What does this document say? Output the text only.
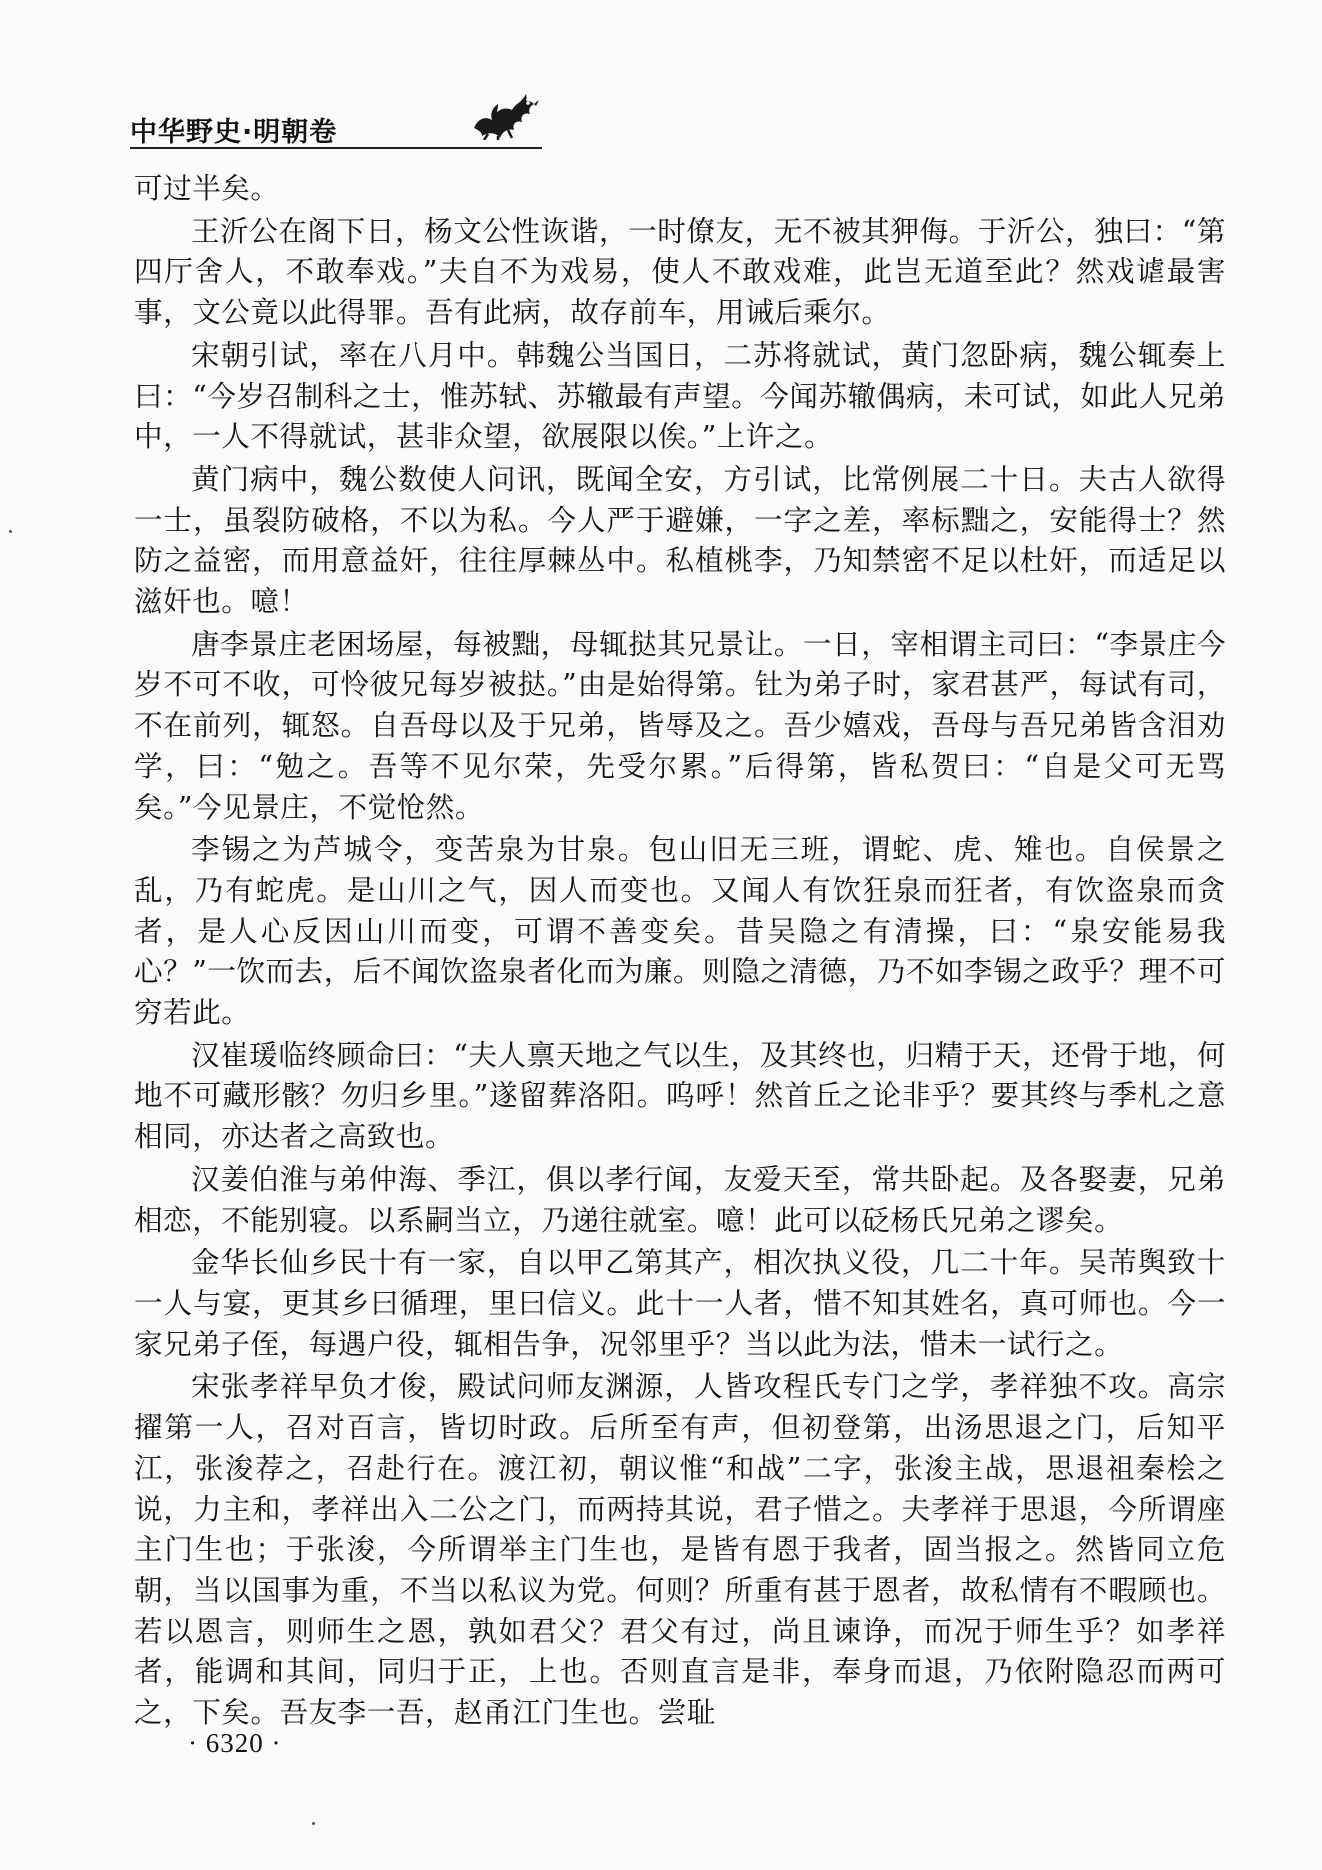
中华野史·明朝卷

可过半矣。

王沂公在阁下日，杨文公性诙谐，一时僚友，无不被其狎侮。于沂公，独曰：“第四厅舍人，不敢奉戏。”夫自不为戏易，使人不敢戏难，此岂无道至此？然戏谑最害事，文公竟以此得罪。吾有此病，故存前车，用诫后乘尔。

宋朝引试，率在八月中。韩魏公当国日，二苏将就试，黄门忽卧病，魏公辄奏上曰：“今岁召制科之士，惟苏轼、苏辙最有声望。今闻苏辙偶病，未可试，如此人兄弟中，一人不得就试，甚非众望，欲展限以俟。”上许之。

黄门病中，魏公数使人问讯，既闻全安，方引试，比常例展二十日。夫古人欲得一士，虽裂防破格，不以为私。今人严于避嫌，一字之差，率标黜之，安能得士？然防之益密，而用意益奸，往往厚棘丛中。私植桃李，乃知禁密不足以杜奸，而适足以滋奸也。噫！

唐李景庄老困场屋，每被黜，母辄挞其兄景让。一日，宰相谓主司曰：“李景庄今岁不可不收，可怜彼兄每岁被挞。”由是始得第。钍为弟子时，家君甚严，每试有司，不在前列，辄怒。自吾母以及于兄弟，皆辱及之。吾少嬉戏，吾母与吾兄弟皆含泪劝学，曰：“勉之。吾等不见尔荣，先受尔累。”后得第，皆私贺曰：“自是父可无骂矣。”今见景庄，不觉怆然。

李锡之为芦城令，变苦泉为甘泉。包山旧无三班，谓蛇、虎、雉也。自侯景之乱，乃有蛇虎。是山川之气，因人而变也。又闻人有饮狂泉而狂者，有饮盗泉而贪者，是人心反因山川而变，可谓不善变矣。昔吴隐之有清操，曰：“泉安能易我心？”一饮而去，后不闻饮盗泉者化而为廉。则隐之清德，乃不如李锡之政乎？理不可穷若此。

汉崔瑗临终顾命曰：“夫人禀天地之气以生，及其终也，归精于天，还骨于地，何地不可藏形骸？勿归乡里。”遂留葬洛阳。呜呼！然首丘之论非乎？要其终与季札之意相同，亦达者之高致也。

汉姜伯淮与弟仲海、季江，俱以孝行闻，友爱天至，常共卧起。及各娶妻，兄弟相恋，不能别寝。以系嗣当立，乃递往就室。噫！此可以砭杨氏兄弟之谬矣。

金华长仙乡民十有一家，自以甲乙第其产，相次执义役，几二十年。吴芾舆致十一人与宴，更其乡曰循理，里曰信义。此十一人者，惜不知其姓名，真可师也。今一家兄弟子侄，每遇户役，辄相告争，况邻里乎？当以此为法，惜未一试行之。

宋张孝祥早负才俊，殿试问师友渊源，人皆攻程氏专门之学，孝祥独不攻。高宗擢第一人，召对百言，皆切时政。后所至有声，但初登第，出汤思退之门，后知平江，张浚荐之，召赴行在。渡江初，朝议惟“和战”二字，张浚主战，思退祖秦桧之说，力主和，孝祥出入二公之门，而两持其说，君子惜之。夫孝祥于思退，今所谓座主门生也；于张浚，今所谓举主门生也，是皆有恩于我者，固当报之。然皆同立危朝，当以国事为重，不当以私议为党。何则？所重有甚于恩者，故私情有不暇顾也。若以恩言，则师生之恩，孰如君父？君父有过，尚且谏诤，而况于师生乎？如孝祥者，能调和其间，同归于正，上也。否则直言是非，奉身而退，乃依附隐忍而两可之，下矣。吾友李一吾，赵甬江门生也。尝耻

· 6320 ·
